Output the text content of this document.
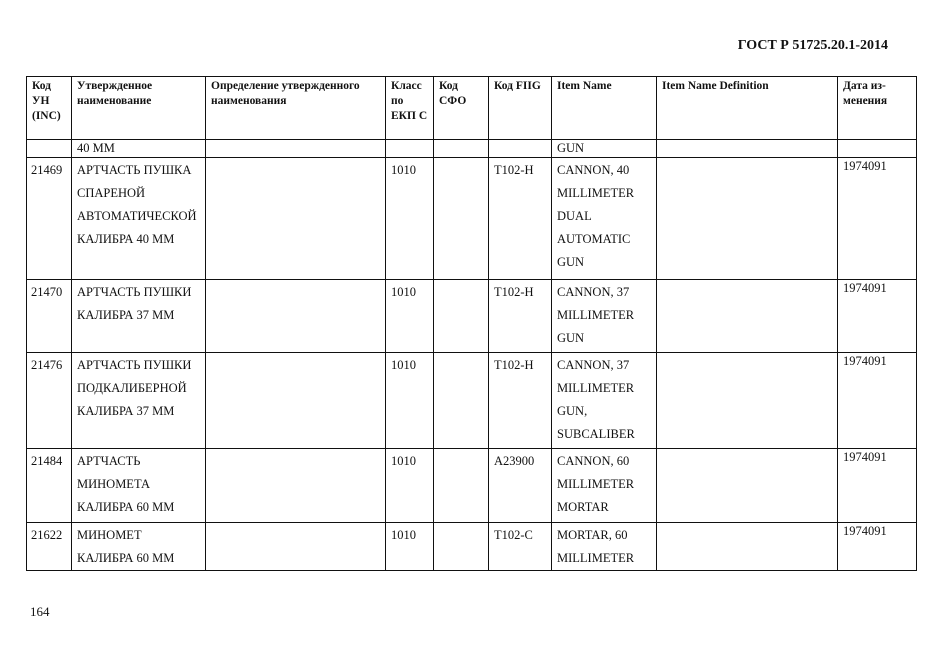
ГОСТ Р 51725.20.1-2014
Код УН (INC)	Утвержденное наименование	Определение утвержденного наименования	Класс по ЕКП С	Код СФО	Код FIIG	Item Name	Item Name Definition	Дата из-менения
	40 ММ					GUN		
21469	АРТЧАСТЬ ПУШКА СПАРЕНОЙ АВТОМАТИЧЕСКОЙ КАЛИБРА 40 ММ		1010		T102-H	CANNON, 40 MILLIMETER DUAL AUTOMATIC GUN		1974091
21470	АРТЧАСТЬ ПУШКИ КАЛИБРА 37 ММ		1010		T102-H	CANNON, 37 MILLIMETER GUN		1974091
21476	АРТЧАСТЬ ПУШКИ ПОДКАЛИБЕРНОЙ КАЛИБРА 37 ММ		1010		T102-H	CANNON, 37 MILLIMETER GUN, SUBCALIBER		1974091
21484	АРТЧАСТЬ МИНОМЕТА КАЛИБРА 60 ММ		1010		A23900	CANNON, 60 MILLIMETER MORTAR		1974091
21622	МИНОМЕТ КАЛИБРА 60 ММ		1010		T102-C	MORTAR, 60 MILLIMETER		1974091
164
